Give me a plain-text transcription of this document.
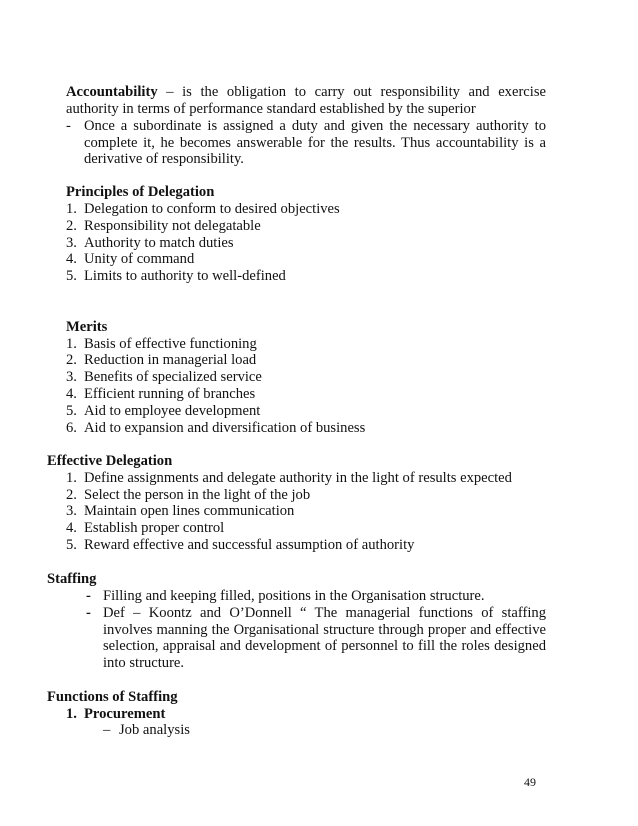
Accountability – is the obligation to carry out responsibility and exercise authority in terms of performance standard established by the superior
- Once a subordinate is assigned a duty and given the necessary authority to complete it, he becomes answerable for the results. Thus accountability is a derivative of responsibility.
Principles of Delegation
1. Delegation to conform to desired objectives
2. Responsibility not delegatable
3. Authority to match duties
4. Unity of command
5. Limits to authority to well-defined
Merits
1. Basis of effective functioning
2. Reduction in managerial load
3. Benefits of specialized service
4. Efficient running of branches
5. Aid to employee development
6. Aid to expansion and diversification of business
Effective Delegation
1. Define assignments and delegate authority in the light of results expected
2. Select the person in the light of the job
3. Maintain open lines communication
4. Establish proper control
5. Reward effective and successful assumption of authority
Staffing
- Filling and keeping filled, positions in the Organisation structure.
- Def – Koontz and O’Donnell “ The managerial functions of staffing involves manning the Organisational structure through proper and effective selection, appraisal and development of personnel to fill the roles designed into structure.
Functions of Staffing
1. Procurement
– Job analysis
49
